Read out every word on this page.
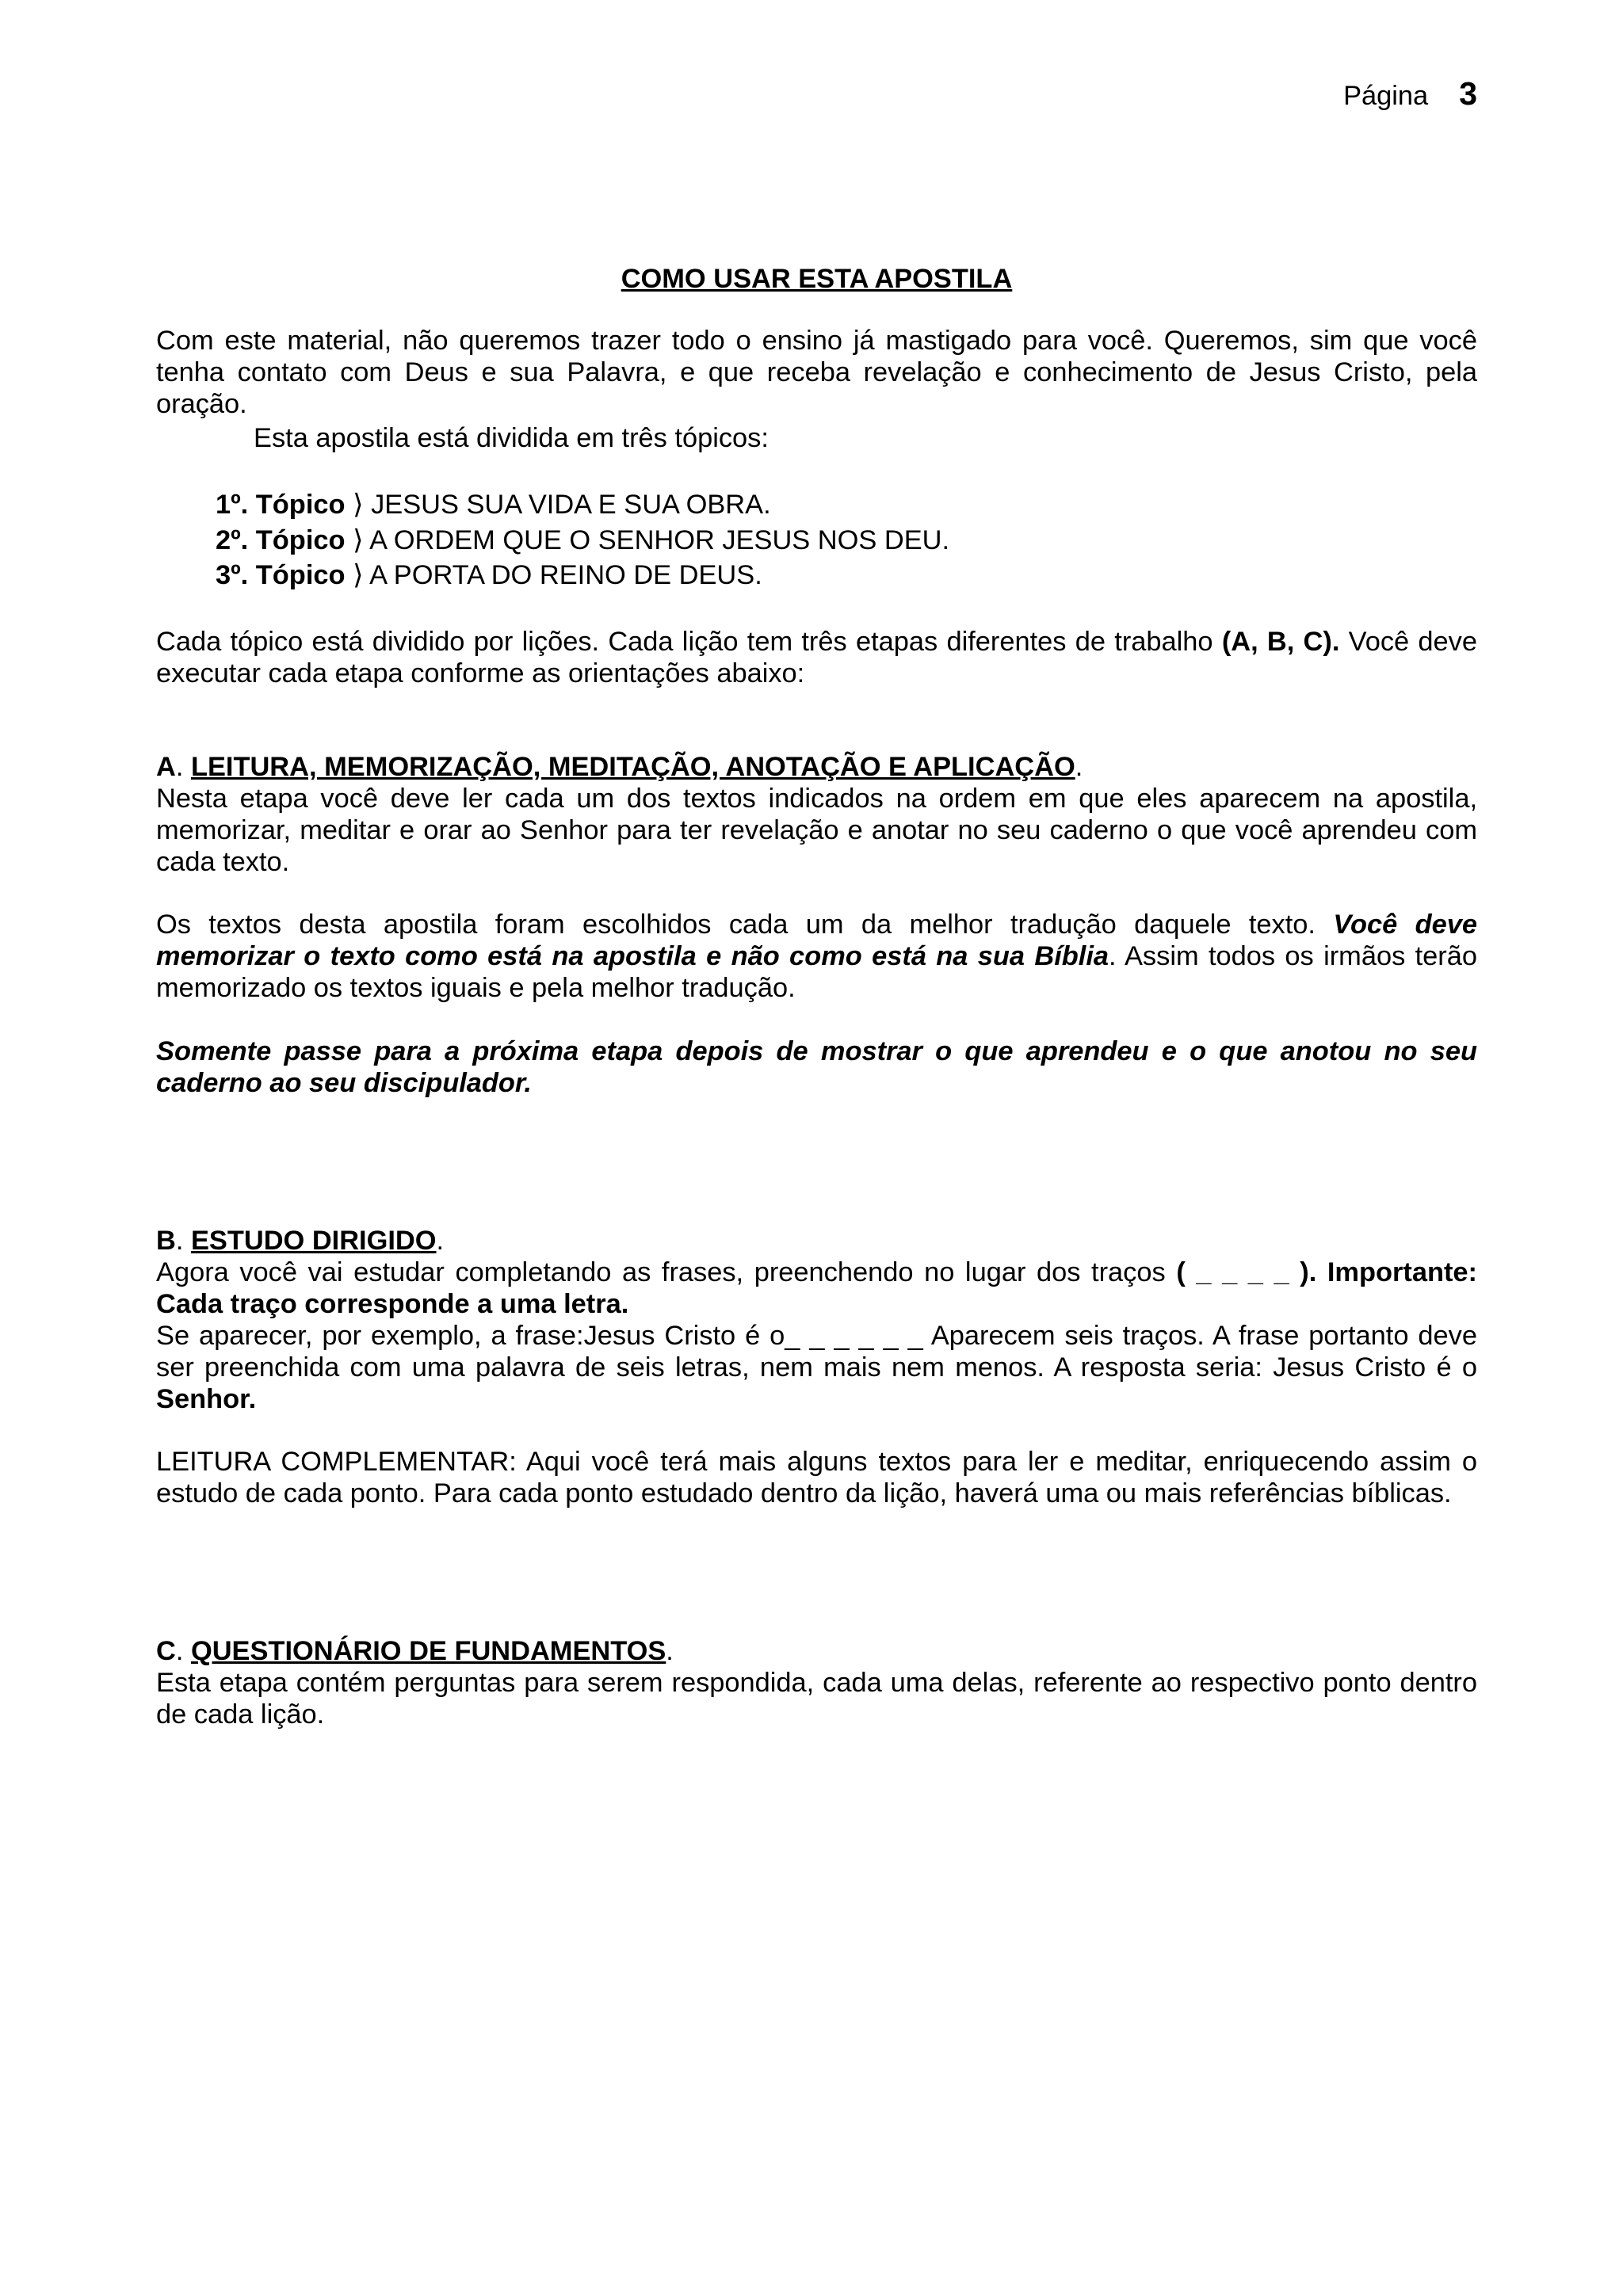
Página 3
COMO USAR ESTA APOSTILA
Com este material, não queremos trazer todo o ensino já mastigado para você. Queremos, sim que você
tenha contato com Deus e sua Palavra, e que receba revelação e conhecimento de Jesus Cristo, pela
oração.
Esta apostila está dividida em três tópicos:
1º. Tópico ⟩ JESUS SUA VIDA E SUA OBRA.
2º. Tópico ⟩ A ORDEM QUE O SENHOR JESUS NOS DEU.
3º. Tópico ⟩ A PORTA DO REINO DE DEUS.
Cada tópico está dividido por lições. Cada lição tem três etapas diferentes de trabalho (A, B, C). Você deve
executar cada etapa conforme as orientações abaixo:
A. LEITURA, MEMORIZAÇÃO, MEDITAÇÃO, ANOTAÇÃO E APLICAÇÃO.
Nesta etapa você deve ler cada um dos textos indicados na ordem em que eles aparecem na apostila,
memorizar, meditar e orar ao Senhor para ter revelação e anotar no seu caderno o que você aprendeu com
cada texto.
Os textos desta apostila foram escolhidos cada um da melhor tradução daquele texto. Você deve
memorizar o texto como está na apostila e não como está na sua Bíblia. Assim todos os irmãos terão
memorizado os textos iguais e pela melhor tradução.
Somente passe para a próxima etapa depois de mostrar o que aprendeu e o que anotou no seu
caderno ao seu discipulador.
B. ESTUDO DIRIGIDO.
Agora você vai estudar completando as frases, preenchendo no lugar dos traços ( _ _ _ _ ). Importante:
Cada traço corresponde a uma letra.
Se aparecer, por exemplo, a frase:Jesus Cristo é o_ _ _ _ _ _ Aparecem seis traços. A frase portanto deve
ser preenchida com uma palavra de seis letras, nem mais nem menos. A resposta seria: Jesus Cristo é o
Senhor.
LEITURA COMPLEMENTAR: Aqui você terá mais alguns textos para ler e meditar, enriquecendo assim o
estudo de cada ponto. Para cada ponto estudado dentro da lição, haverá uma ou mais referências bíblicas.
C. QUESTIONÁRIO DE FUNDAMENTOS.
Esta etapa contém perguntas para serem respondida, cada uma delas, referente ao respectivo ponto dentro
de cada lição.
